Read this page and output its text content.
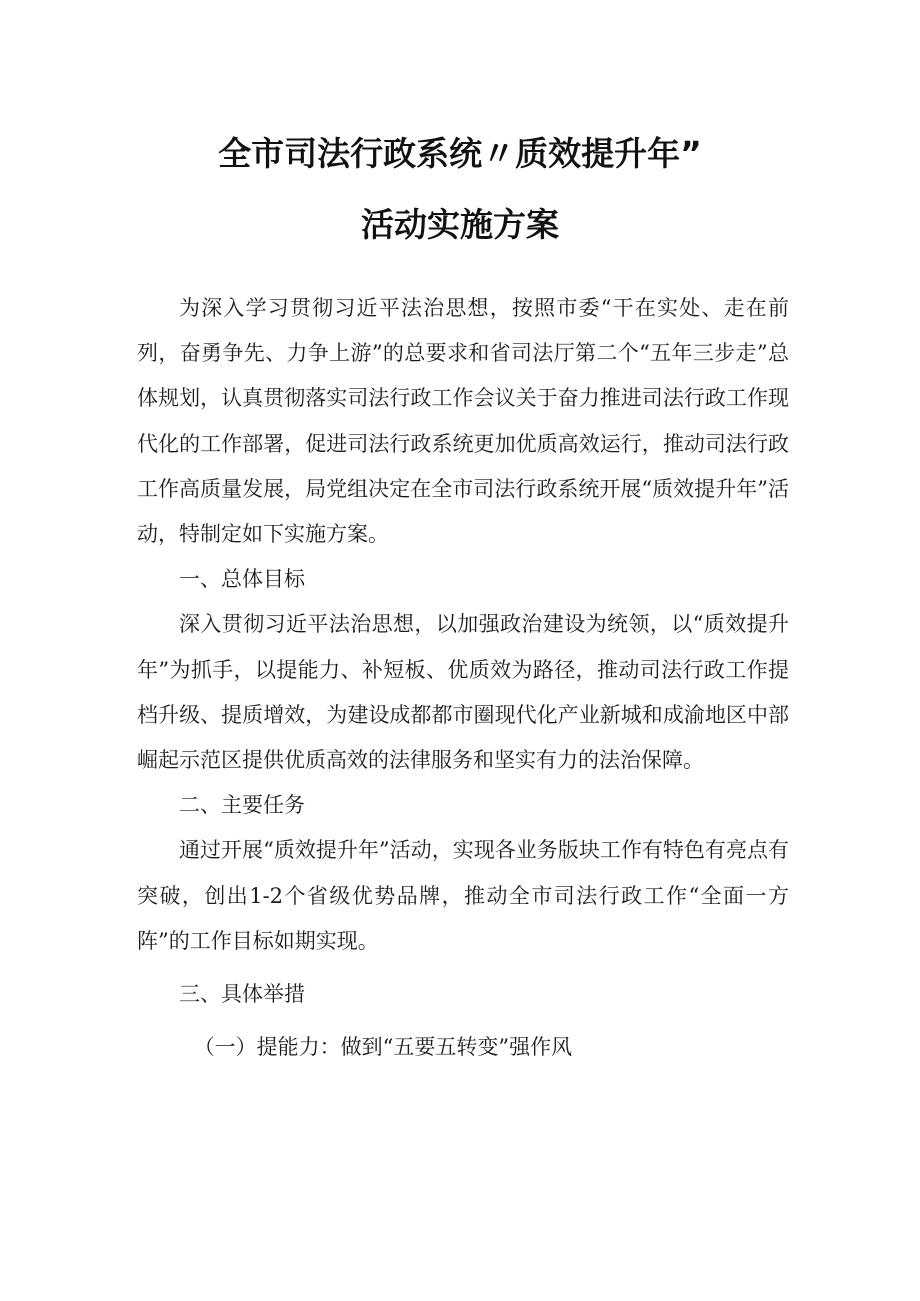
全市司法行政系统〃质效提升年”
活动实施方案

为深入学习贯彻习近平法治思想，按照市委“干在实处、走在前列，奋勇争先、力争上游”的总要求和省司法厅第二个“五年三步走”总体规划，认真贯彻落实司法行政工作会议关于奋力推进司法行政工作现代化的工作部署，促进司法行政系统更加优质高效运行，推动司法行政工作高质量发展，局党组决定在全市司法行政系统开展“质效提升年”活动，特制定如下实施方案。

一、总体目标

深入贯彻习近平法治思想，以加强政治建设为统领，以“质效提升年”为抓手，以提能力、补短板、优质效为路径，推动司法行政工作提档升级、提质增效，为建设成都都市圈现代化产业新城和成渝地区中部崛起示范区提供优质高效的法律服务和坚实有力的法治保障。

二、主要任务

通过开展“质效提升年”活动，实现各业务版块工作有特色有亮点有突破，创出1-2个省级优势品牌，推动全市司法行政工作“全面一方阵”的工作目标如期实现。

三、具体举措

（一）提能力：做到“五要五转变”强作风
